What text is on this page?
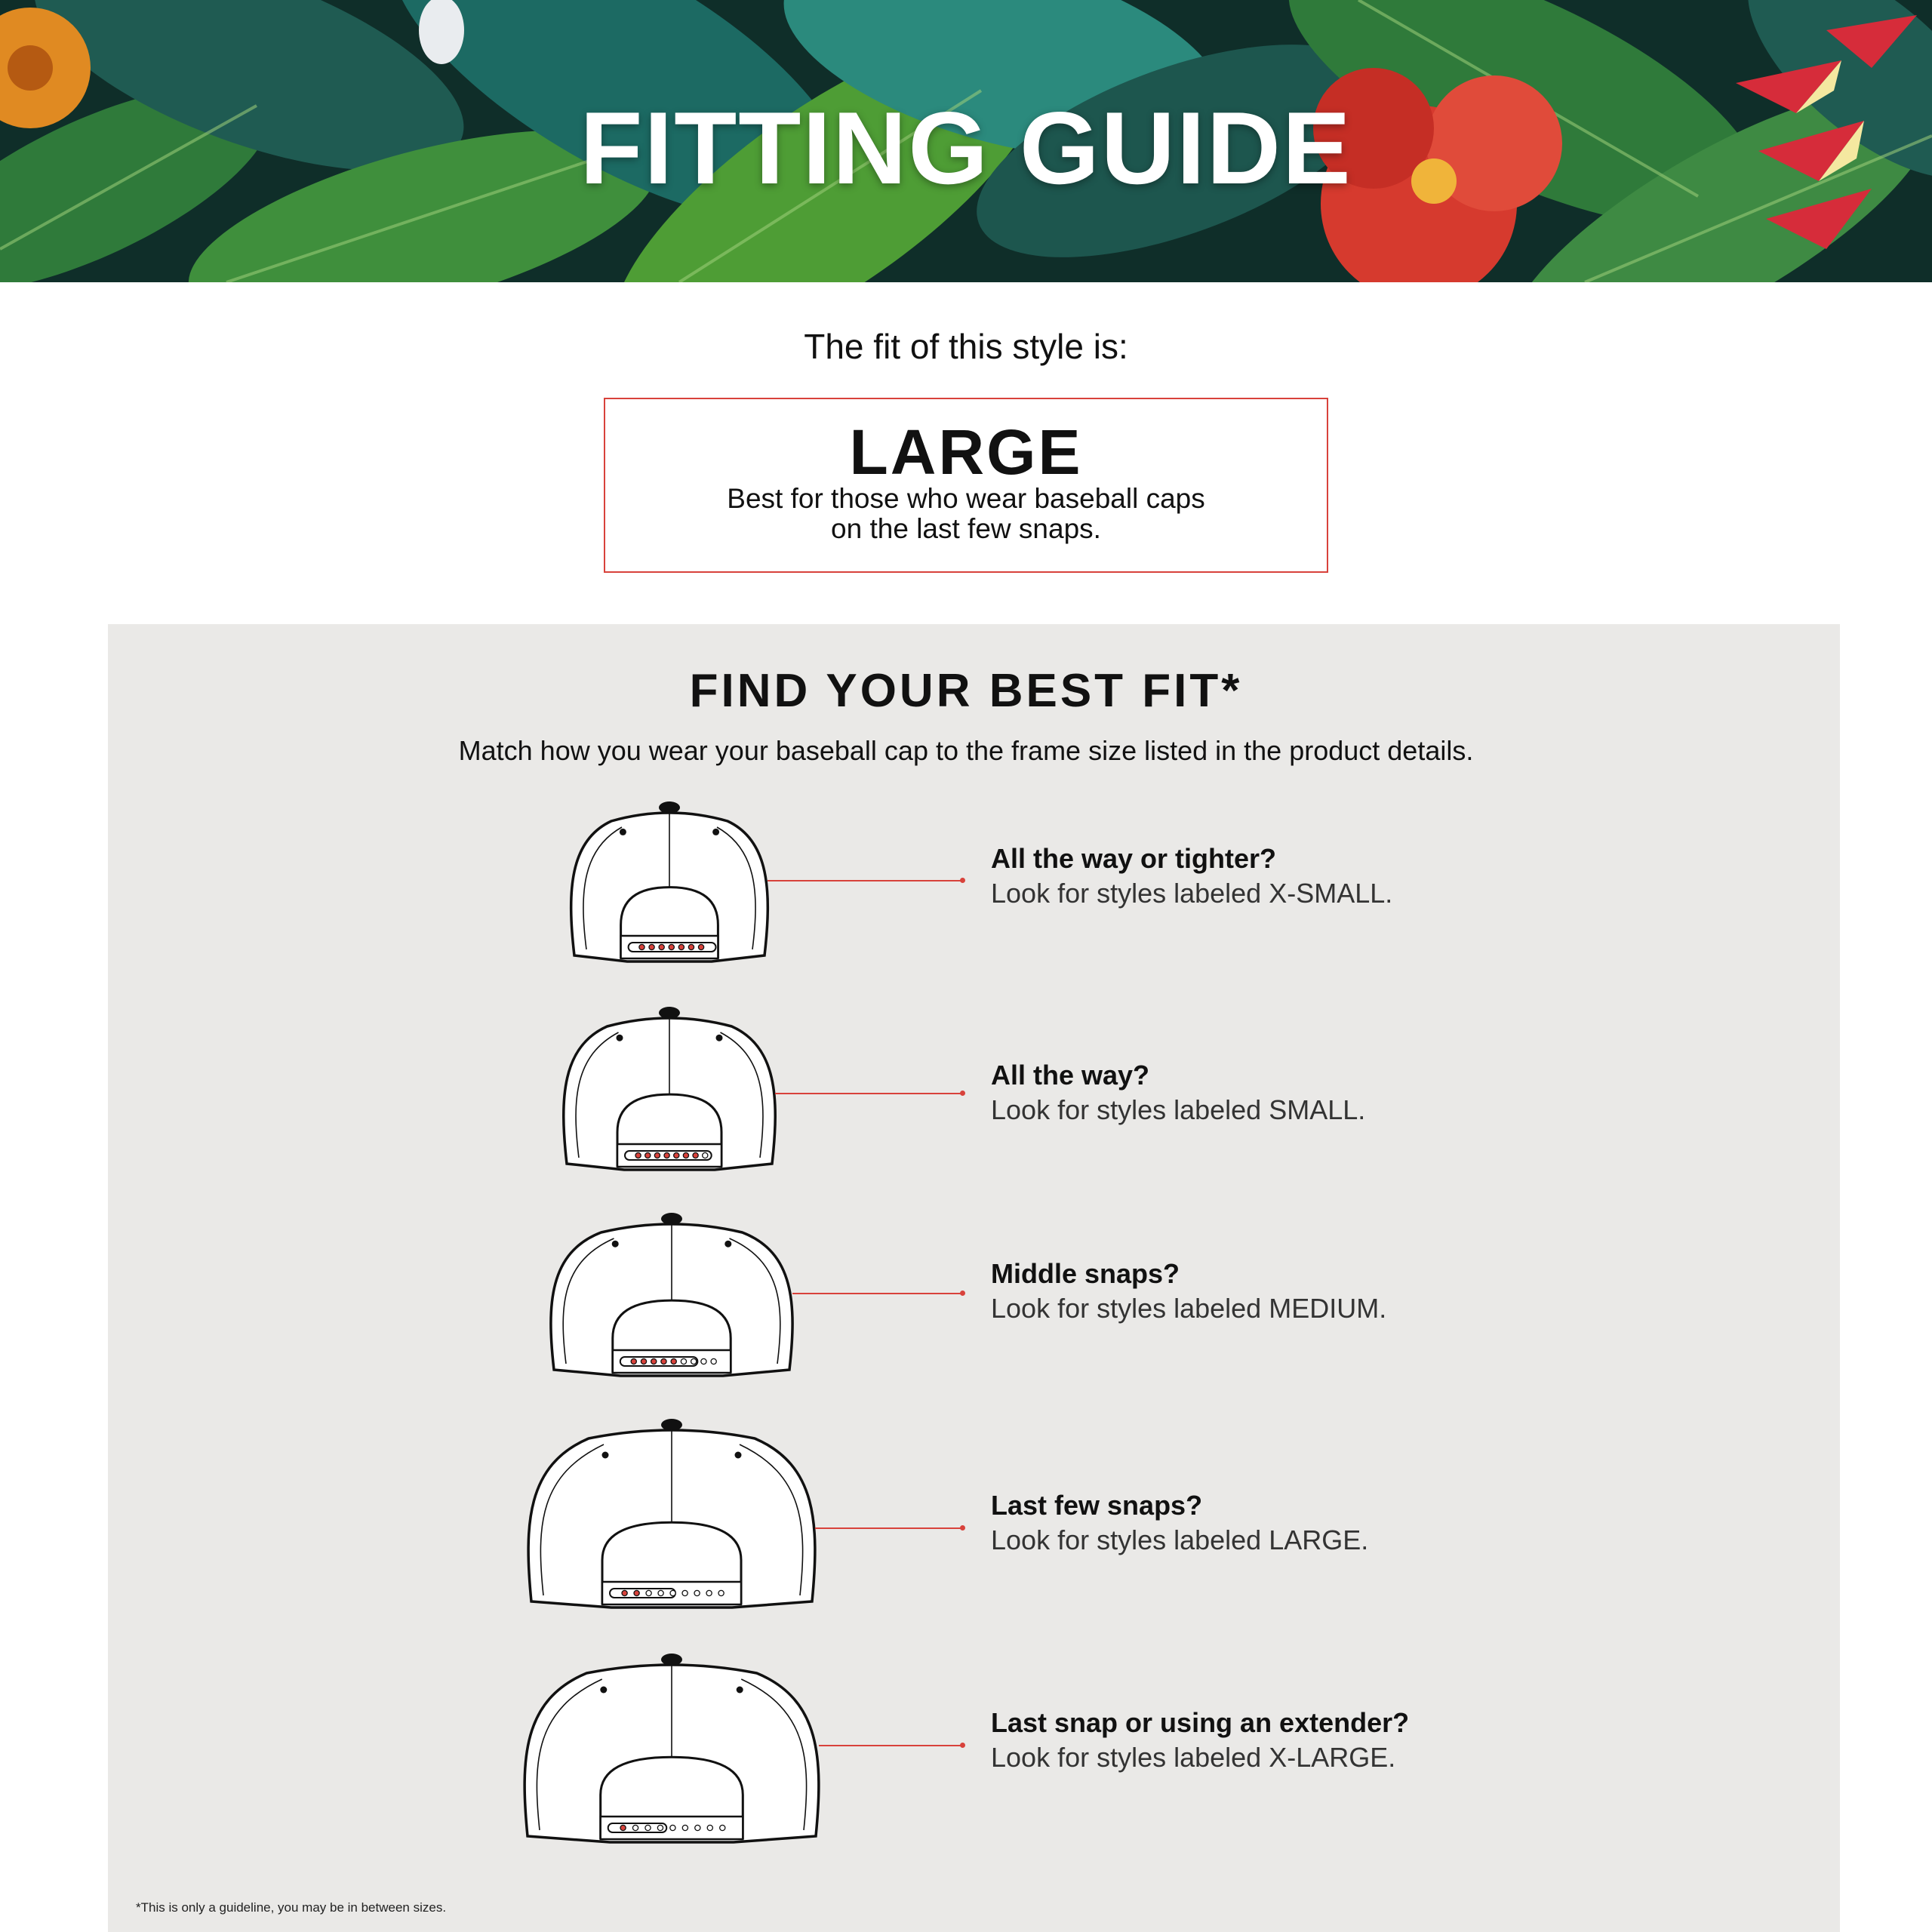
FITTING GUIDE
The fit of this style is:
LARGE
Best for those who wear baseball caps
on the last few snaps.
FIND YOUR BEST FIT*
Match how you wear your baseball cap to the frame size listed in the product details.
All the way or tighter?
Look for styles labeled X-SMALL.
All the way?
Look for styles labeled SMALL.
Middle snaps?
Look for styles labeled MEDIUM.
Last few snaps?
Look for styles labeled LARGE.
Last snap or using an extender?
Look for styles labeled X-LARGE.
*This is only a guideline, you may be in between sizes.
